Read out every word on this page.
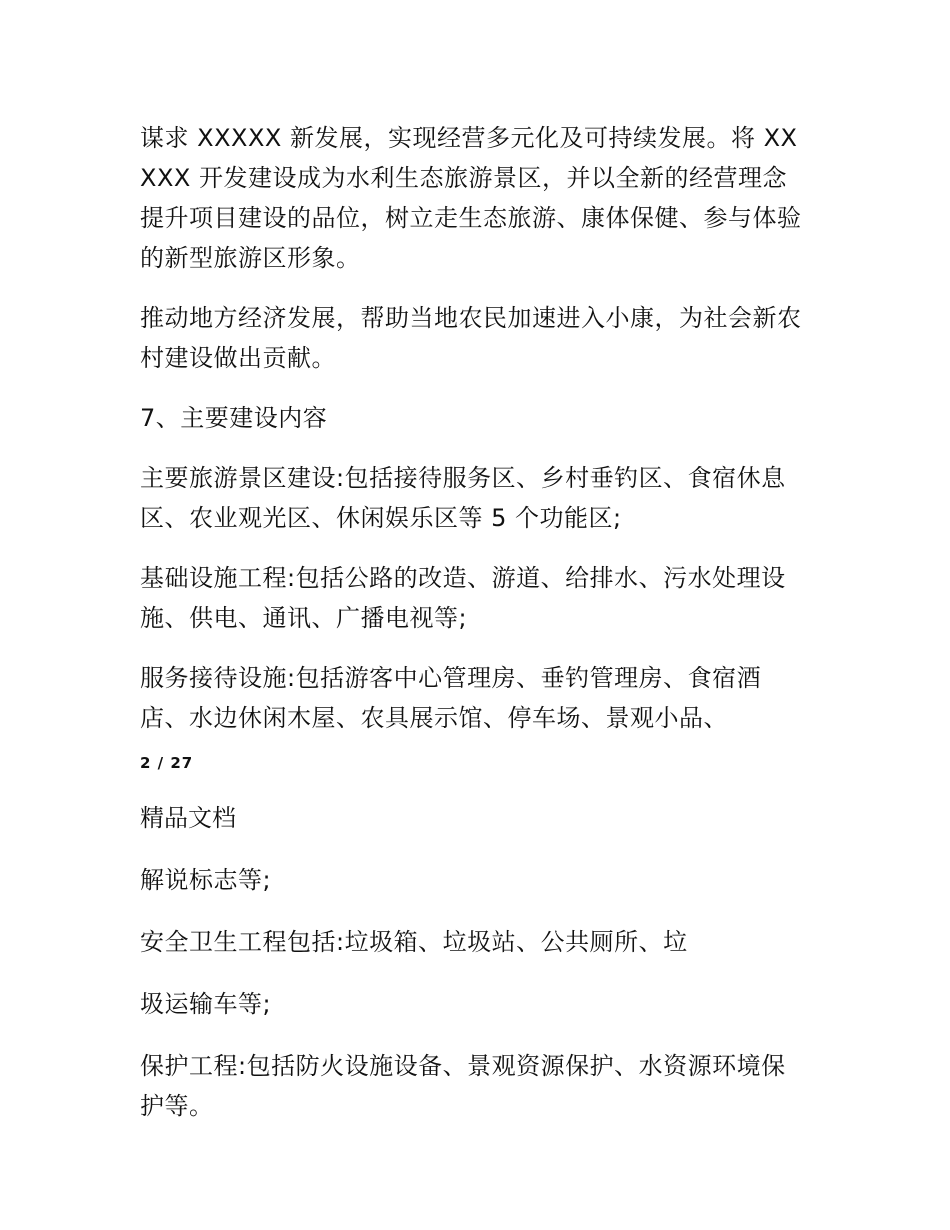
谋求 XXXXX 新发展，实现经营多元化及可持续发展。将 XXXXX 开发建设成为水利生态旅游景区，并以全新的经营理念提升项目建设的品位，树立走生态旅游、康体保健、参与体验的新型旅游区形象。

推动地方经济发展，帮助当地农民加速进入小康，为社会新农村建设做出贡献。

7、主要建设内容

主要旅游景区建设:包括接待服务区、乡村垂钓区、食宿休息区、农业观光区、休闲娱乐区等 5 个功能区;

基础设施工程:包括公路的改造、游道、给排水、污水处理设施、供电、通讯、广播电视等;

服务接待设施:包括游客中心管理房、垂钓管理房、食宿酒店、水边休闲木屋、农具展示馆、停车场、景观小品、

2 / 27
精品文档

解说标志等;

安全卫生工程包括:垃圾箱、垃圾站、公共厕所、垃

圾运输车等;

保护工程:包括防火设施设备、景观资源保护、水资源环境保护等。
